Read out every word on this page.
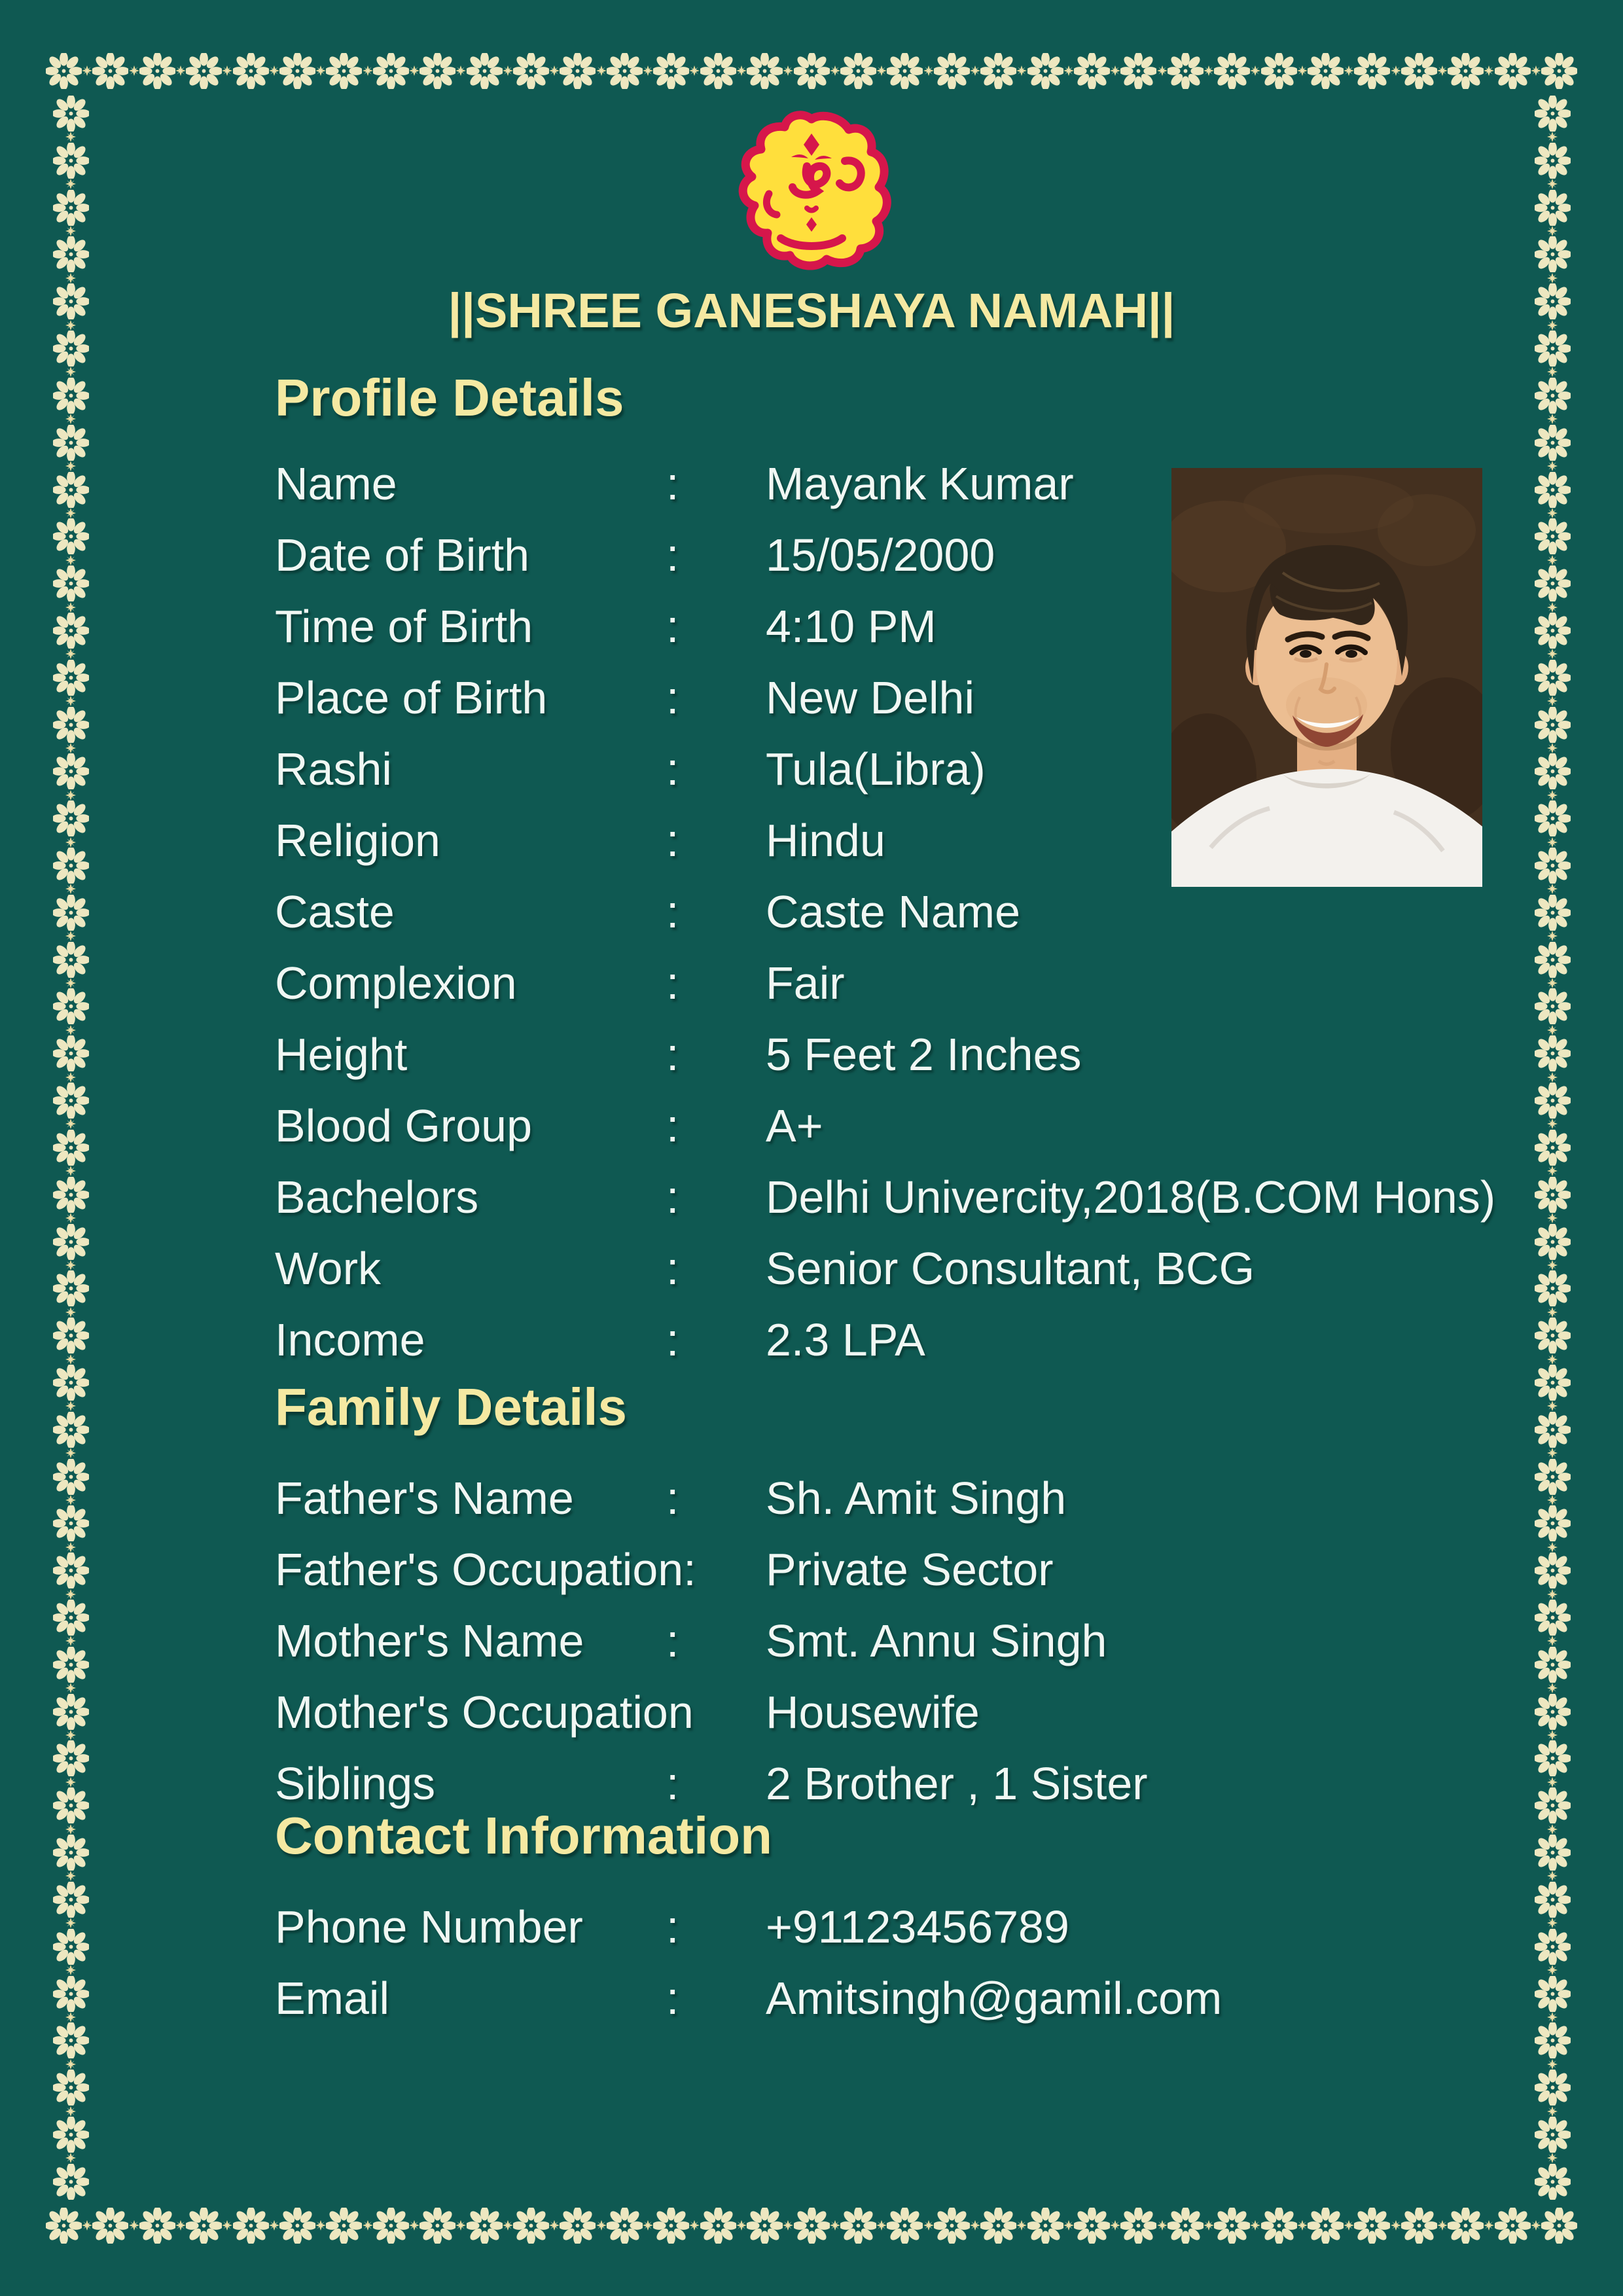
||SHREE GANESHAYA NAMAH||
Profile Details
Name	: Mayank Kumar
Date of Birth	: 15/05/2000
Time of Birth	: 4:10 PM
Place of Birth	: New Delhi
Rashi	: Tula(Libra)
Religion	: Hindu
Caste	: Caste Name
Complexion	: Fair
Height	: 5 Feet 2 Inches
Blood Group	: A+
Bachelors	: Delhi Univercity,2018(B.COM Hons)
Work	: Senior Consultant, BCG
Income	: 2.3 LPA
Family Details
Father's Name : Sh. Amit Singh
Father's Occupation: Private Sector
Mother's Name : Smt. Annu Singh
Mother's Occupation Housewife
Siblings	: 2 Brother , 1 Sister
Contact Information
Phone Number : +91123456789
Email	: Amitsingh@gamil.com
